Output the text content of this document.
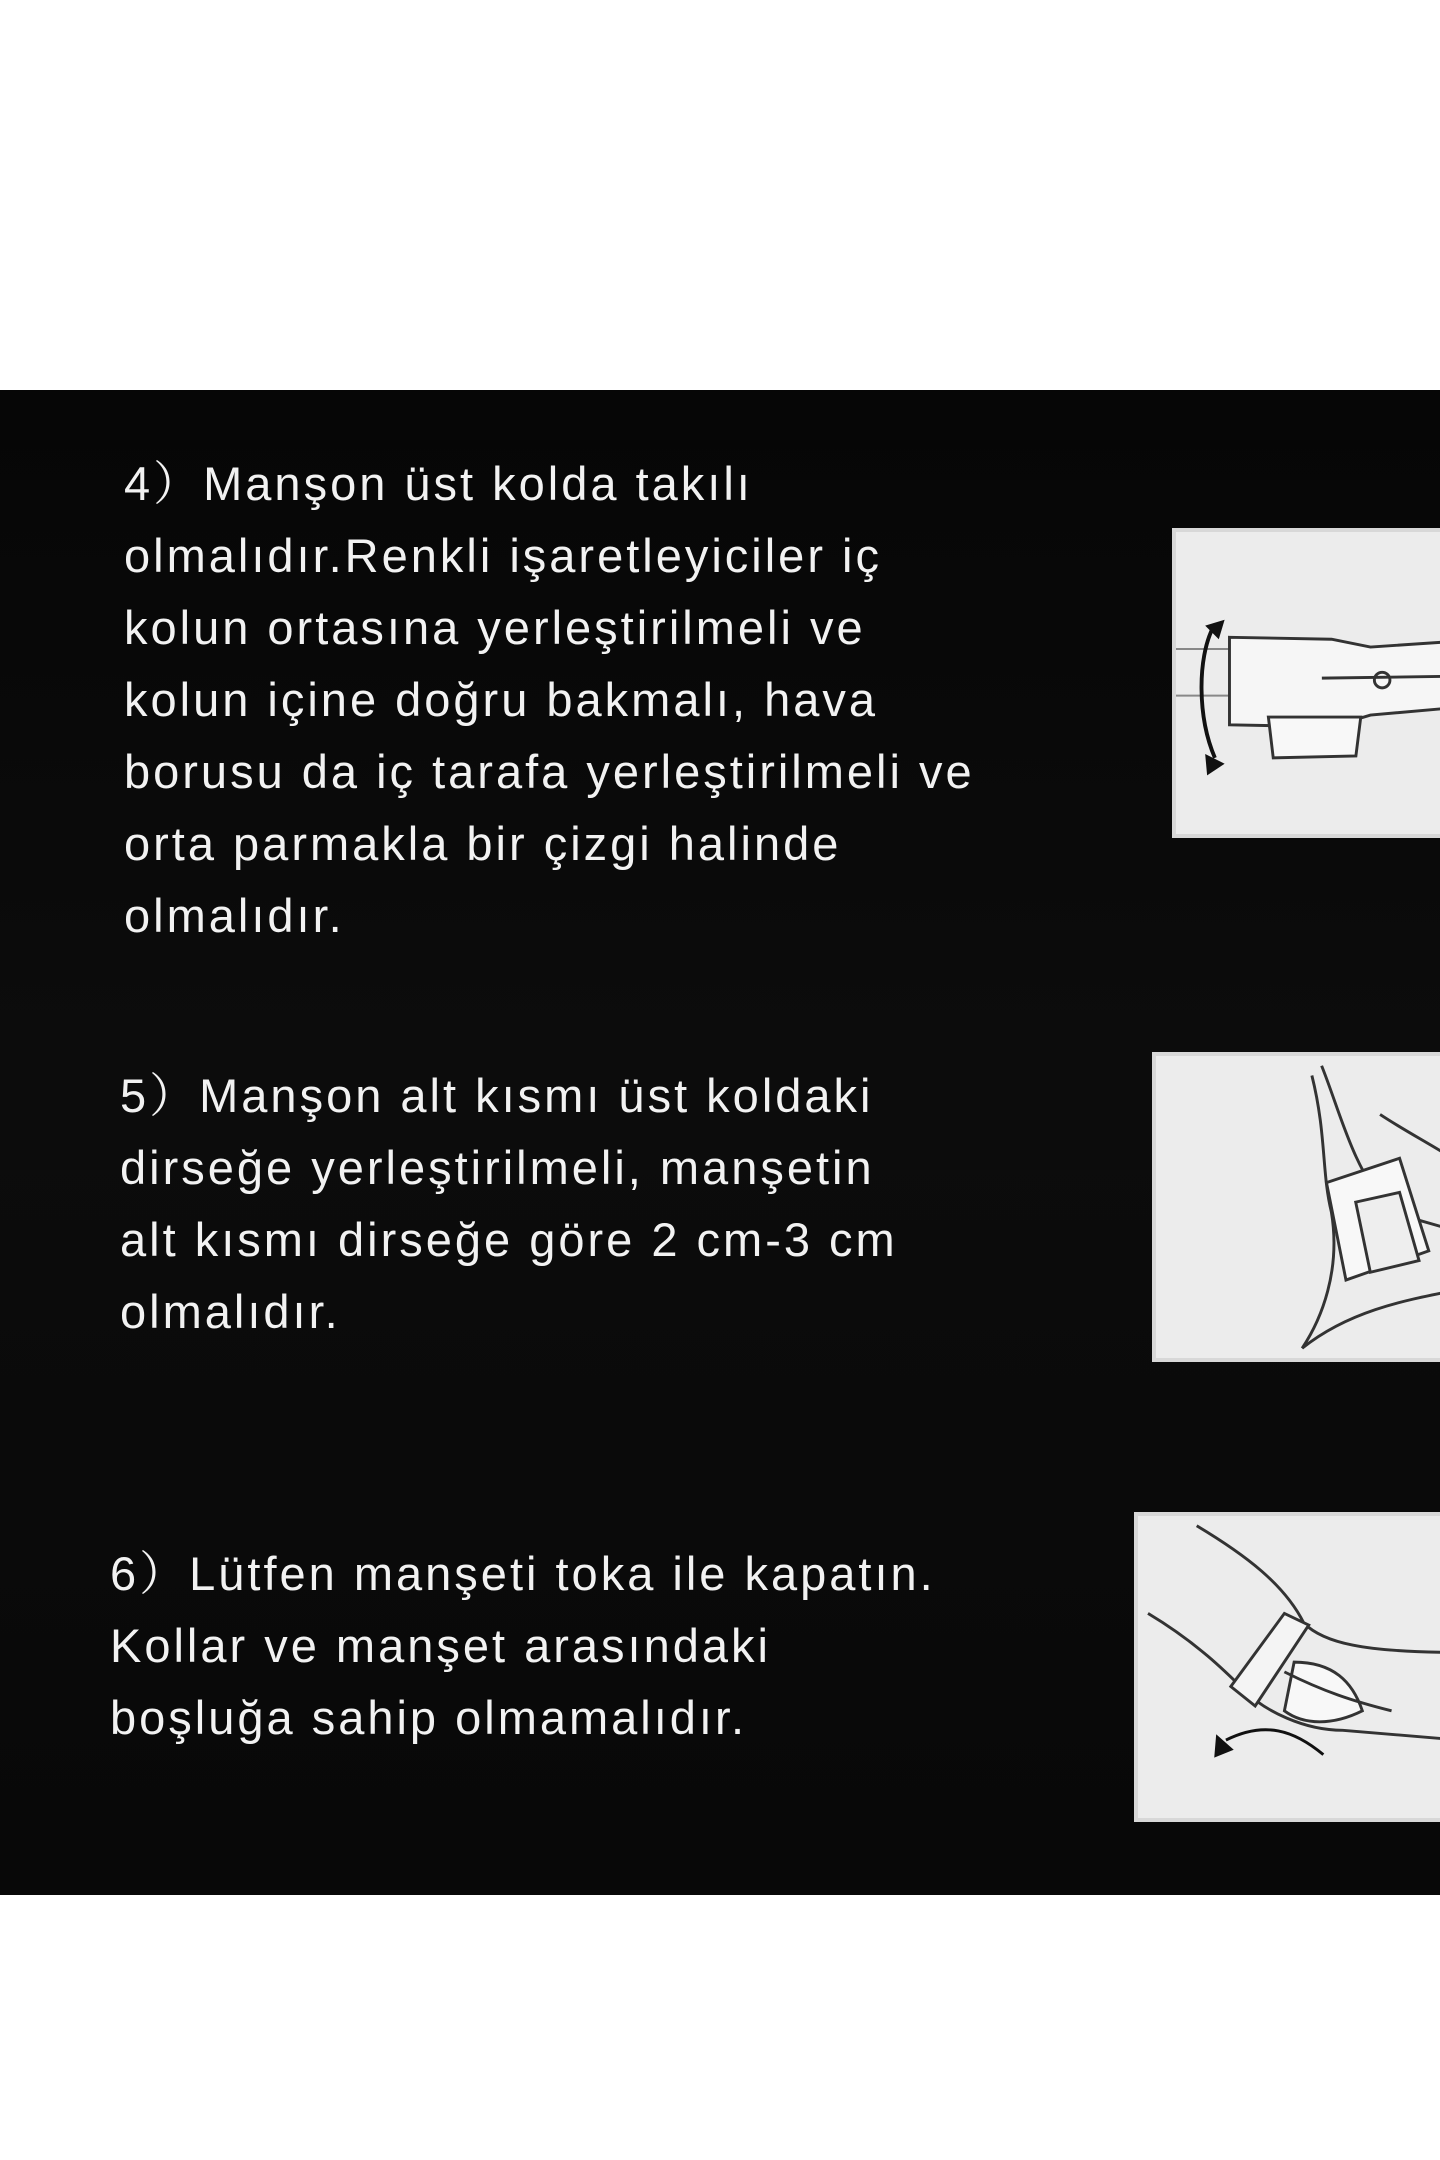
4）Manşon üst kolda takılı
olmalıdır.Renkli işaretleyiciler iç
kolun ortasına yerleştirilmeli ve
kolun içine doğru bakmalı, hava
borusu da iç tarafa yerleştirilmeli ve
orta parmakla bir çizgi halinde
olmalıdır.
5）Manşon alt kısmı üst koldaki
dirseğe yerleştirilmeli, manşetin
alt kısmı dirseğe göre 2 cm-3 cm
olmalıdır.
6）Lütfen manşeti toka ile kapatın.
Kollar ve manşet arasındaki
boşluğa sahip olmamalıdır.
